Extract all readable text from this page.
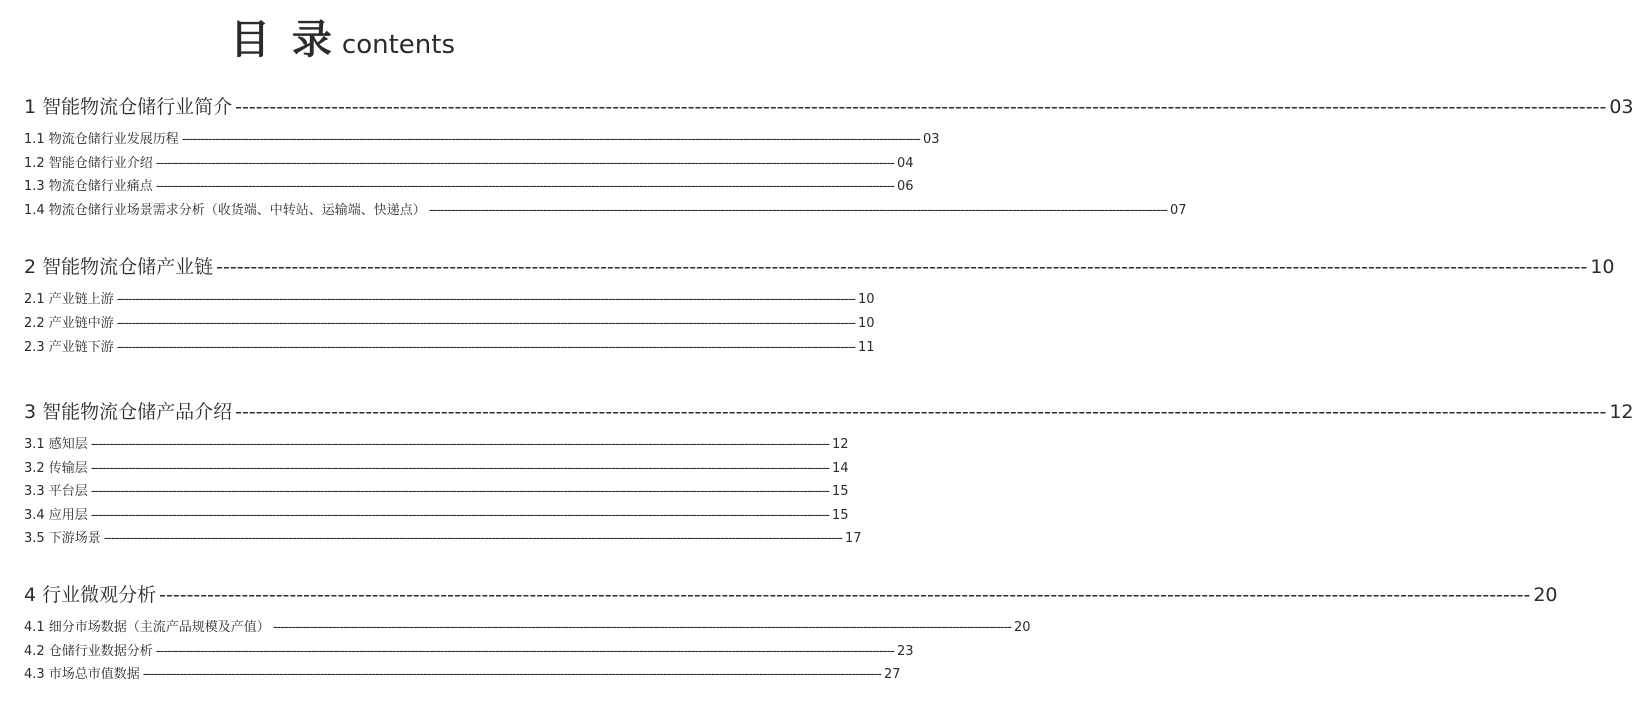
目 录 contents
1 智能物流仓储行业简介 -------------------------------------------------------------------------------------------------------------------------------------------------------------------------------------------------------- 03
1.1 物流仓储行业发展历程 -------------------------------------------------------------------------------------------------------------------------------------------------------------------------------------------------------- 03
1.2 智能仓储行业介绍 -------------------------------------------------------------------------------------------------------------------------------------------------------------------------------------------------------- 04
1.3 物流仓储行业痛点 -------------------------------------------------------------------------------------------------------------------------------------------------------------------------------------------------------- 06
1.4 物流仓储行业场景需求分析（收货端、中转站、运输端、快递点） -------------------------------------------------------------------------------------------------------------------------------------------------------------------------------------------------------- 07
2 智能物流仓储产业链 -------------------------------------------------------------------------------------------------------------------------------------------------------------------------------------------------------- 10
2.1 产业链上游 -------------------------------------------------------------------------------------------------------------------------------------------------------------------------------------------------------- 10
2.2 产业链中游 -------------------------------------------------------------------------------------------------------------------------------------------------------------------------------------------------------- 10
2.3 产业链下游 -------------------------------------------------------------------------------------------------------------------------------------------------------------------------------------------------------- 11
3 智能物流仓储产品介绍 -------------------------------------------------------------------------------------------------------------------------------------------------------------------------------------------------------- 12
3.1 感知层 -------------------------------------------------------------------------------------------------------------------------------------------------------------------------------------------------------- 12
3.2 传输层 -------------------------------------------------------------------------------------------------------------------------------------------------------------------------------------------------------- 14
3.3 平台层 -------------------------------------------------------------------------------------------------------------------------------------------------------------------------------------------------------- 15
3.4 应用层 -------------------------------------------------------------------------------------------------------------------------------------------------------------------------------------------------------- 15
3.5 下游场景 -------------------------------------------------------------------------------------------------------------------------------------------------------------------------------------------------------- 17
4 行业微观分析 -------------------------------------------------------------------------------------------------------------------------------------------------------------------------------------------------------- 20
4.1 细分市场数据（主流产品规模及产值） -------------------------------------------------------------------------------------------------------------------------------------------------------------------------------------------------------- 20
4.2 仓储行业数据分析 -------------------------------------------------------------------------------------------------------------------------------------------------------------------------------------------------------- 23
4.3 市场总市值数据 -------------------------------------------------------------------------------------------------------------------------------------------------------------------------------------------------------- 27
